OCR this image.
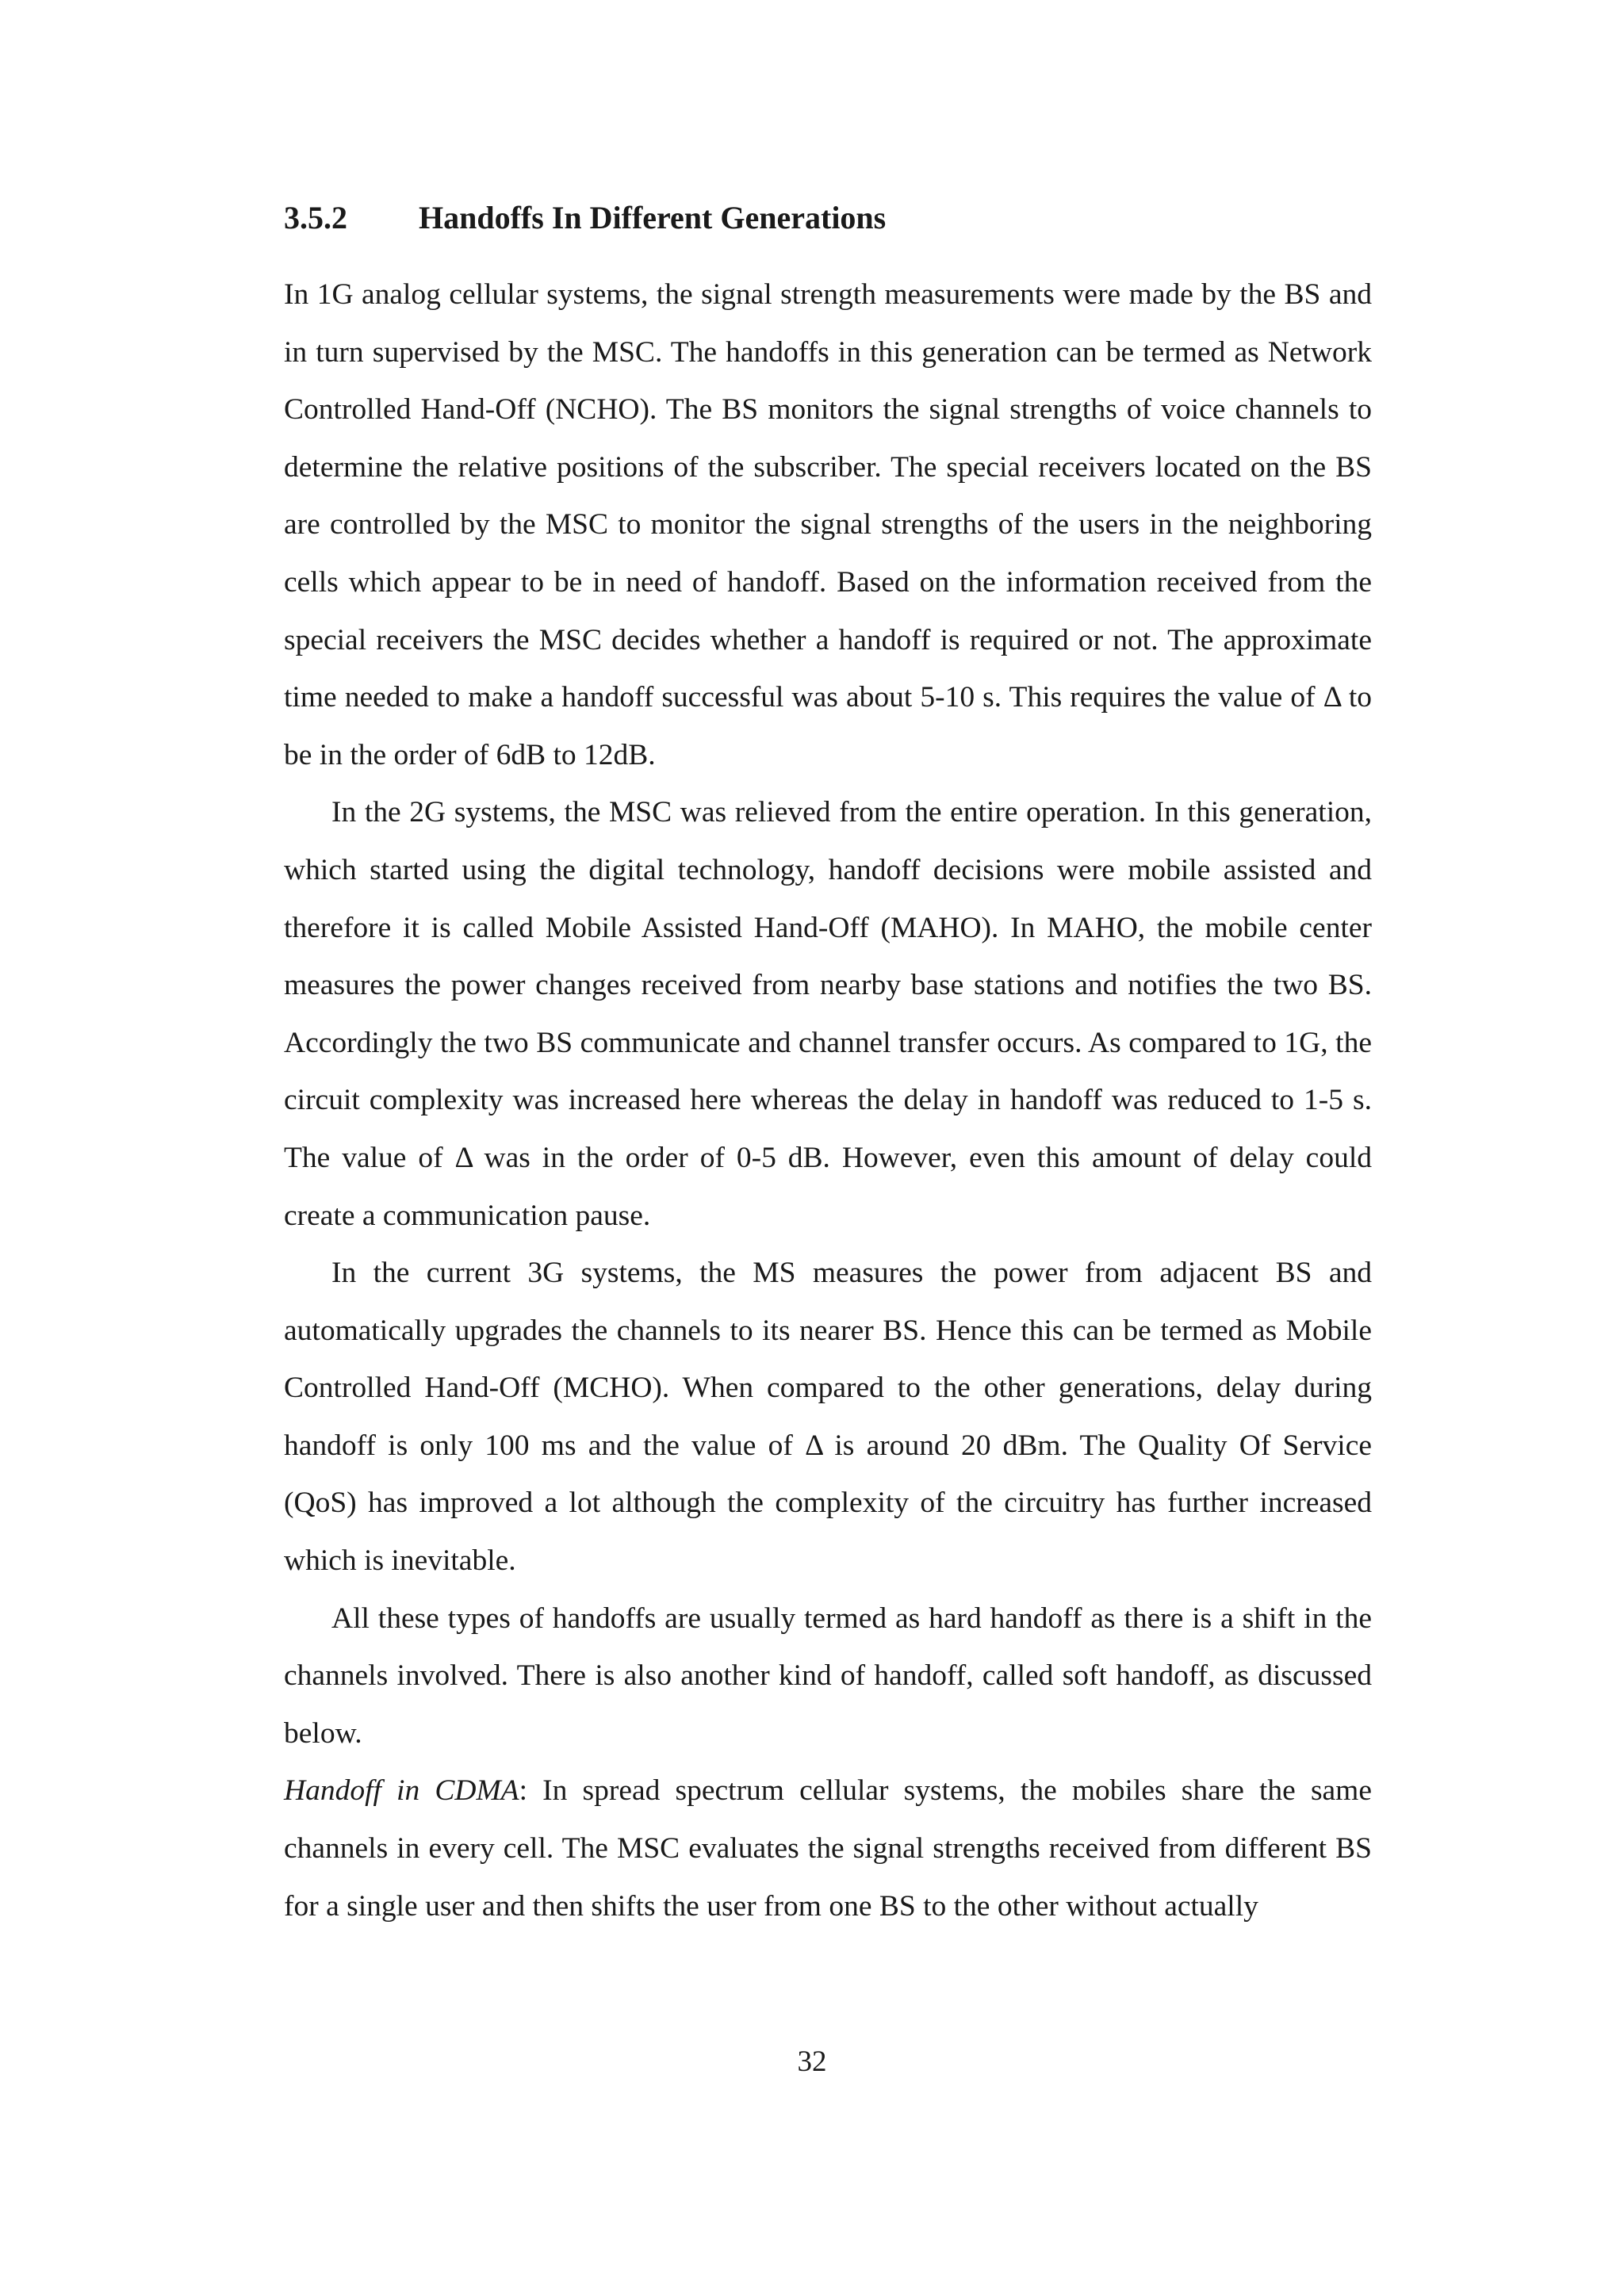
3.5.2 Handoffs In Different Generations

In 1G analog cellular systems, the signal strength measurements were made by the BS and in turn supervised by the MSC. The handoffs in this generation can be termed as Network Controlled Hand-Off (NCHO). The BS monitors the signal strengths of voice channels to determine the relative positions of the subscriber. The special receivers located on the BS are controlled by the MSC to monitor the signal strengths of the users in the neighboring cells which appear to be in need of handoff. Based on the information received from the special receivers the MSC decides whether a handoff is required or not. The approximate time needed to make a handoff successful was about 5-10 s. This requires the value of Δ to be in the order of 6dB to 12dB.

In the 2G systems, the MSC was relieved from the entire operation. In this generation, which started using the digital technology, handoff decisions were mobile assisted and therefore it is called Mobile Assisted Hand-Off (MAHO). In MAHO, the mobile center measures the power changes received from nearby base stations and notifies the two BS. Accordingly the two BS communicate and channel transfer occurs. As compared to 1G, the circuit complexity was increased here whereas the delay in handoff was reduced to 1-5 s. The value of Δ was in the order of 0-5 dB. However, even this amount of delay could create a communication pause.

In the current 3G systems, the MS measures the power from adjacent BS and automatically upgrades the channels to its nearer BS. Hence this can be termed as Mobile Controlled Hand-Off (MCHO). When compared to the other generations, delay during handoff is only 100 ms and the value of Δ is around 20 dBm. The Quality Of Service (QoS) has improved a lot although the complexity of the circuitry has further increased which is inevitable.

All these types of handoffs are usually termed as hard handoff as there is a shift in the channels involved. There is also another kind of handoff, called soft handoff, as discussed below.

Handoff in CDMA: In spread spectrum cellular systems, the mobiles share the same channels in every cell. The MSC evaluates the signal strengths received from different BS for a single user and then shifts the user from one BS to the other without actually

32
